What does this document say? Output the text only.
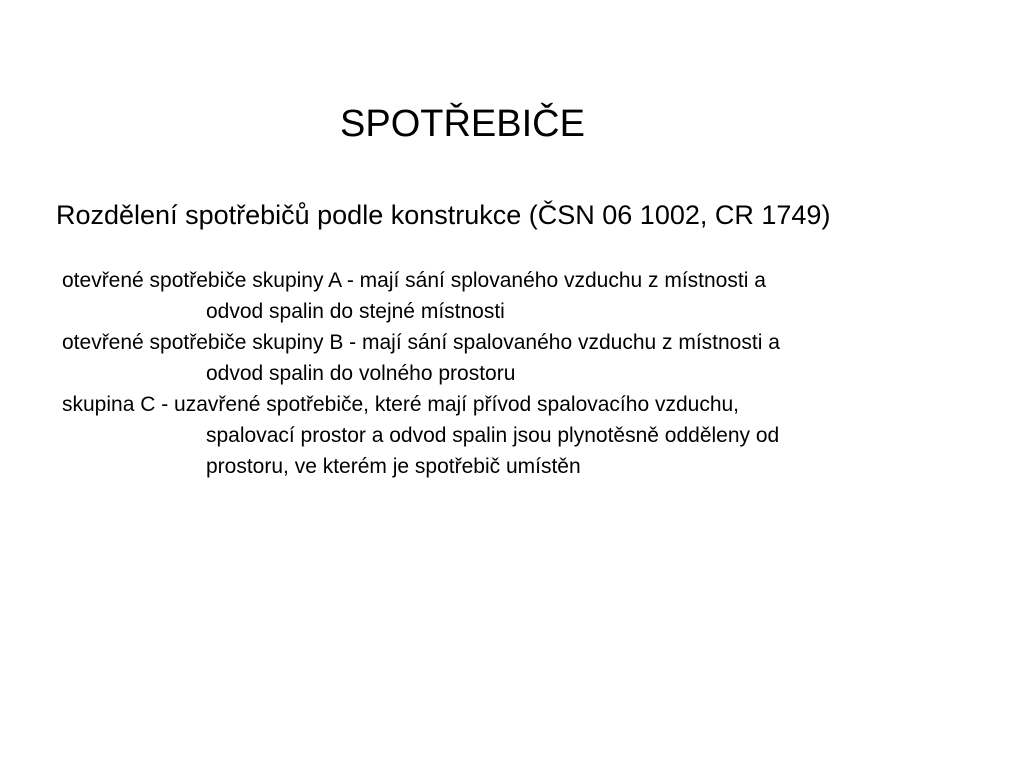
SPOTŘEBIČE
Rozdělení spotřebičů podle konstrukce (ČSN 06 1002, CR 1749)
otevřené spotřebiče skupiny A - mají sání splovaného vzduchu z místnosti a
odvod spalin do stejné místnosti
otevřené spotřebiče skupiny B - mají sání spalovaného vzduchu z místnosti a
odvod spalin do volného prostoru
skupina C - uzavřené spotřebiče, které mají přívod spalovacího vzduchu,
spalovací prostor a odvod spalin jsou plynotěsně odděleny od
prostoru, ve kterém je spotřebič umístěn
